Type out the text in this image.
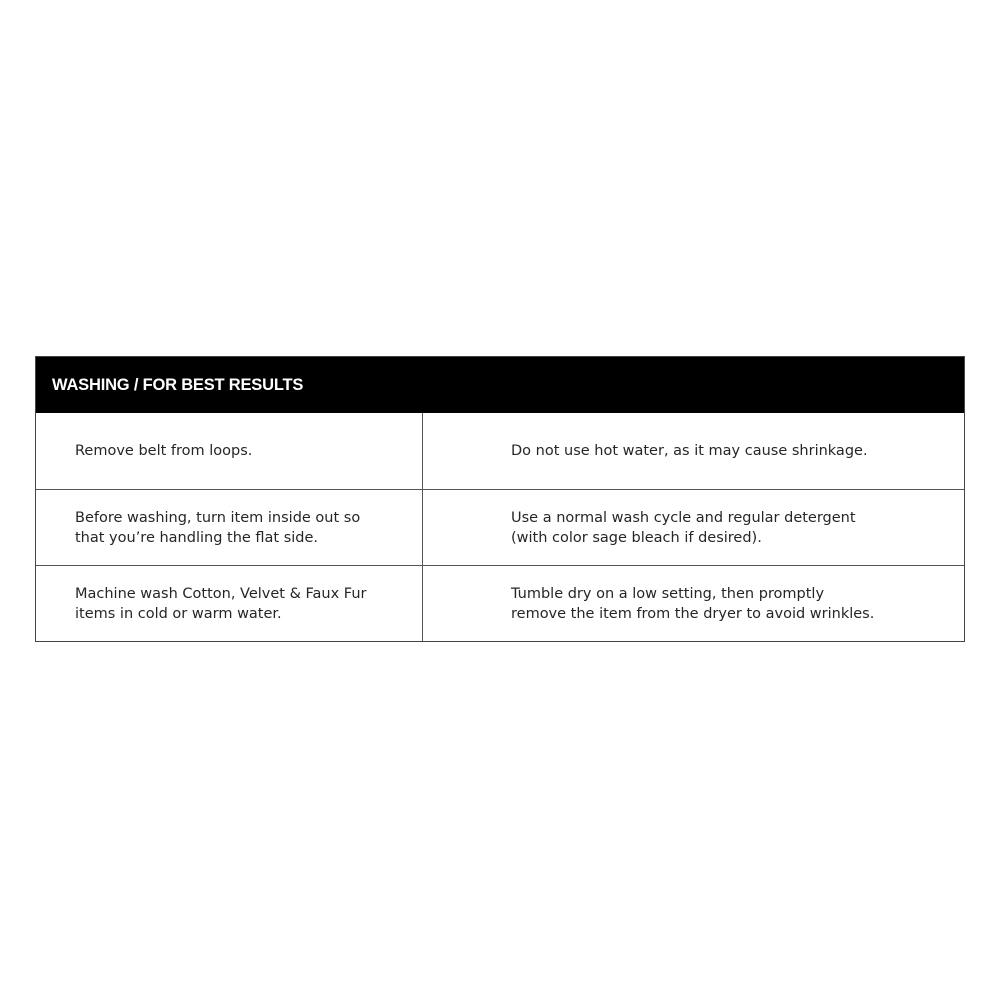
WASHING / FOR BEST RESULTS
Remove belt from loops.	Do not use hot water, as it may cause shrinkage.
Before washing, turn item inside out so
that you’re handling the flat side.
Use a normal wash cycle and regular detergent
(with color sage bleach if desired).
Machine wash Cotton, Velvet & Faux Fur
items in cold or warm water.
Tumble dry on a low setting, then promptly
remove the item from the dryer to avoid wrinkles.
